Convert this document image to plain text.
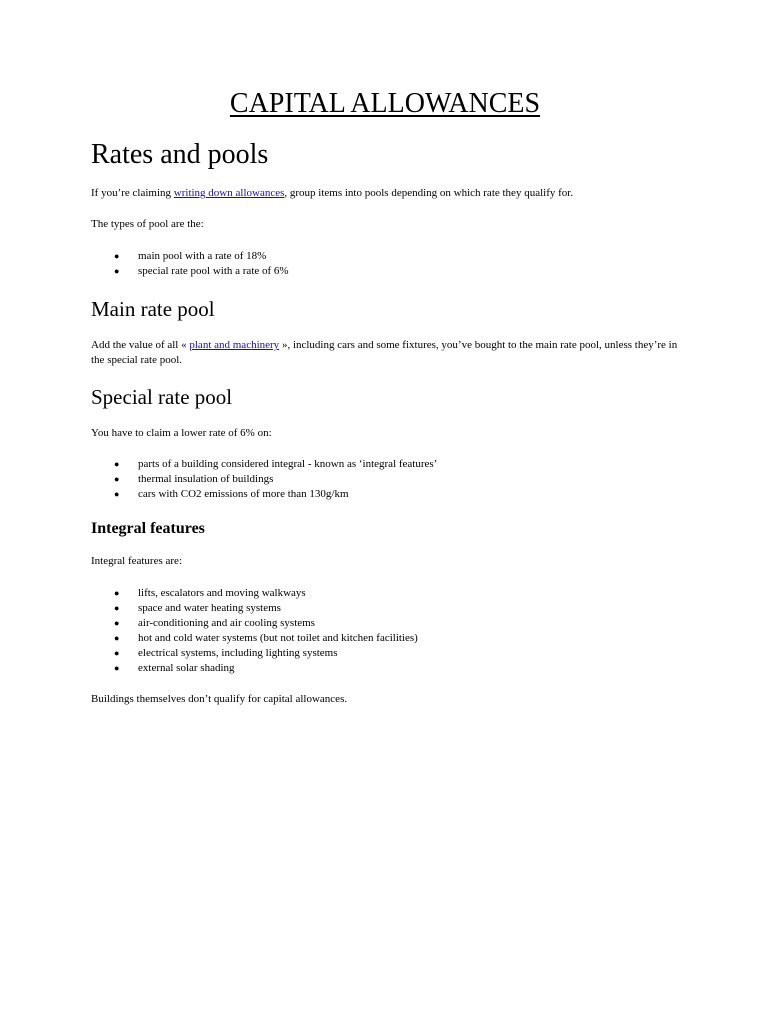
CAPITAL ALLOWANCES
Rates and pools

If you’re claiming writing down allowances, group items into pools depending on which rate they qualify for.

The types of pool are the:

● main pool with a rate of 18%
● special rate pool with a rate of 6%
Main rate pool

Add the value of all « plant and machinery », including cars and some fixtures, you’ve bought to the main rate pool, unless they’re in the special rate pool.

Special rate pool

You have to claim a lower rate of 6% on:

● parts of a building considered integral - known as ‘integral features’
● thermal insulation of buildings
● cars with CO2 emissions of more than 130g/km
Integral features

Integral features are:

● lifts, escalators and moving walkways
● space and water heating systems
● air-conditioning and air cooling systems
● hot and cold water systems (but not toilet and kitchen facilities)
● electrical systems, including lighting systems
● external solar shading

Buildings themselves don’t qualify for capital allowances.
